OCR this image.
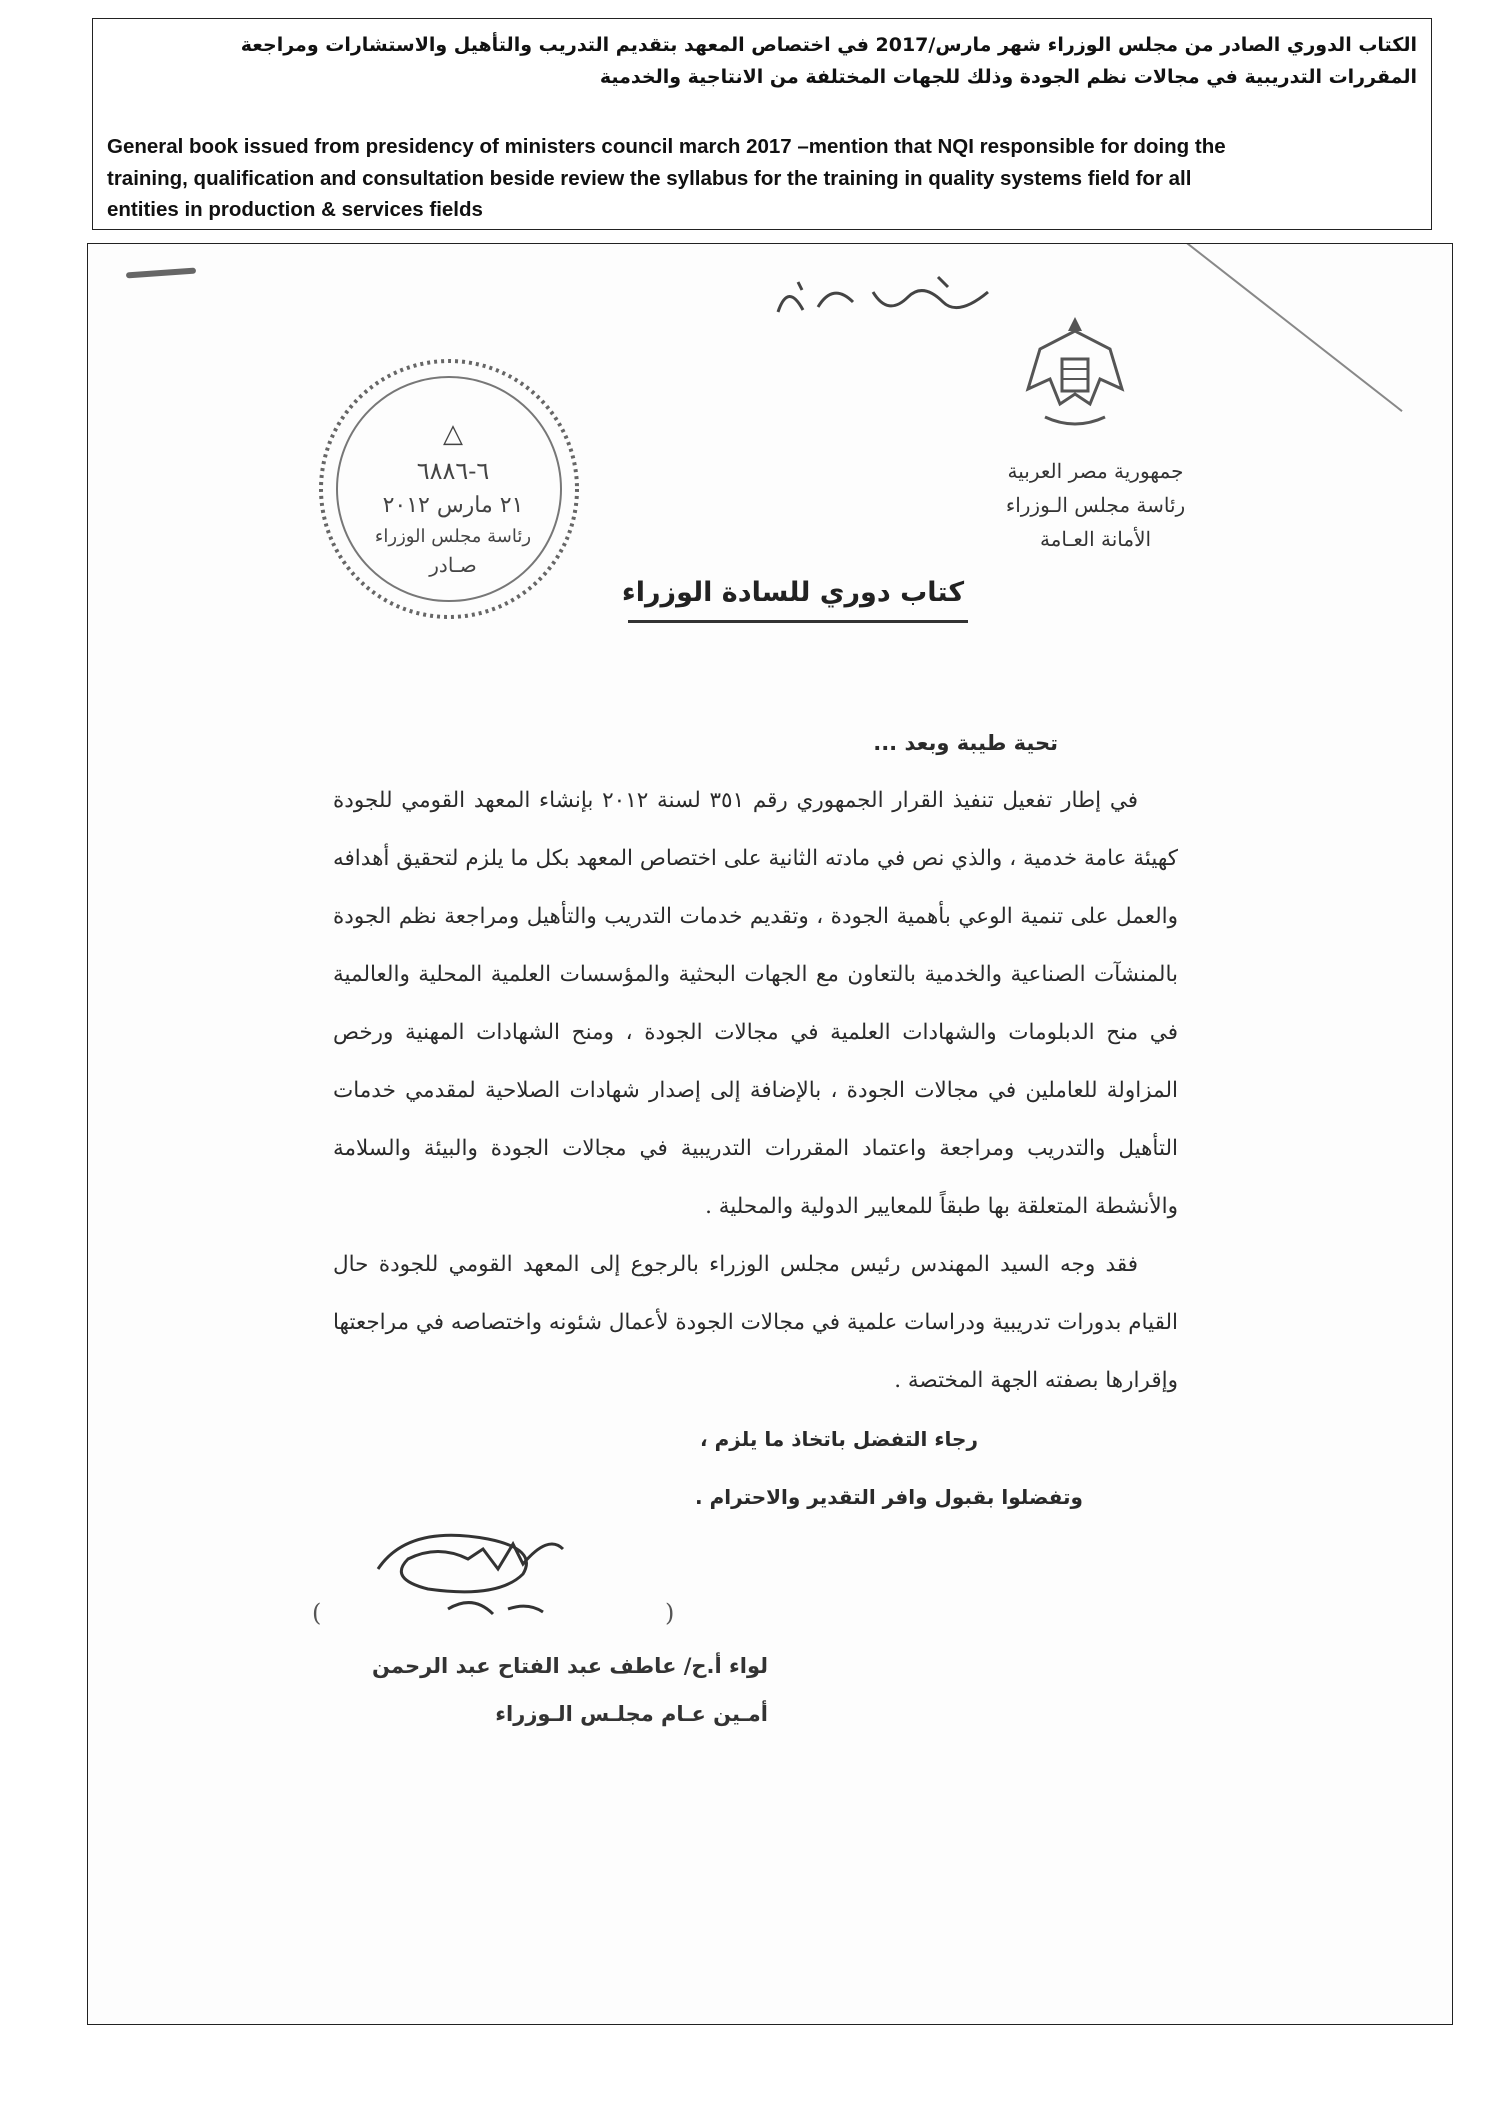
الكتاب الدوري الصادر من مجلس الوزراء شهر مارس/2017 في اختصاص المعهد بتقديم التدريب والتأهيل والاستشارات ومراجعة
المقررات التدريبية في مجالات نظم الجودة وذلك للجهات المختلفة من الانتاجية والخدمية
General book issued from presidency of ministers council march 2017 –mention that NQI responsible for doing the
training, qualification and consultation beside review the syllabus for the training in quality systems field for all
entities in production & services fields
جمهورية مصر العربية
رئاسة مجلس الـوزراء
الأمانة العـامة
△
٦-٦٨٨٦
٢١ مارس ٢٠١٢
رئاسة مجلس الوزراء
صـادر
كتاب دوري للسادة الوزراء

تحية طيبة وبعد ...

في إطار تفعيل تنفيذ القرار الجمهوري رقم ٣٥١ لسنة ٢٠١٢ بإنشاء المعهد القومي للجودة كهيئة عامة خدمية ، والذي نص في مادته الثانية على اختصاص المعهد بكل ما يلزم لتحقيق أهدافه والعمل على تنمية الوعي بأهمية الجودة ، وتقديم خدمات التدريب والتأهيل ومراجعة نظم الجودة بالمنشآت الصناعية والخدمية بالتعاون مع الجهات البحثية والمؤسسات العلمية المحلية والعالمية في منح الدبلومات والشهادات العلمية في مجالات الجودة ، ومنح الشهادات المهنية ورخص المزاولة للعاملين في مجالات الجودة ، بالإضافة إلى إصدار شهادات الصلاحية لمقدمي خدمات التأهيل والتدريب ومراجعة واعتماد المقررات التدريبية في مجالات الجودة والبيئة والسلامة والأنشطة المتعلقة بها طبقاً للمعايير الدولية والمحلية .

فقد وجه السيد المهندس رئيس مجلس الوزراء بالرجوع إلى المعهد القومي للجودة حال القيام بدورات تدريبية ودراسات علمية في مجالات الجودة لأعمال شئونه واختصاصه في مراجعتها وإقرارها بصفته الجهة المختصة .

رجاء التفضل باتخاذ ما يلزم ،

وتفضلوا بقبول وافر التقدير والاحترام .

(	)
لواء أ.ح/ عاطف عبد الفتاح عبد الرحمن
أمـين عـام مجلـس الـوزراء
